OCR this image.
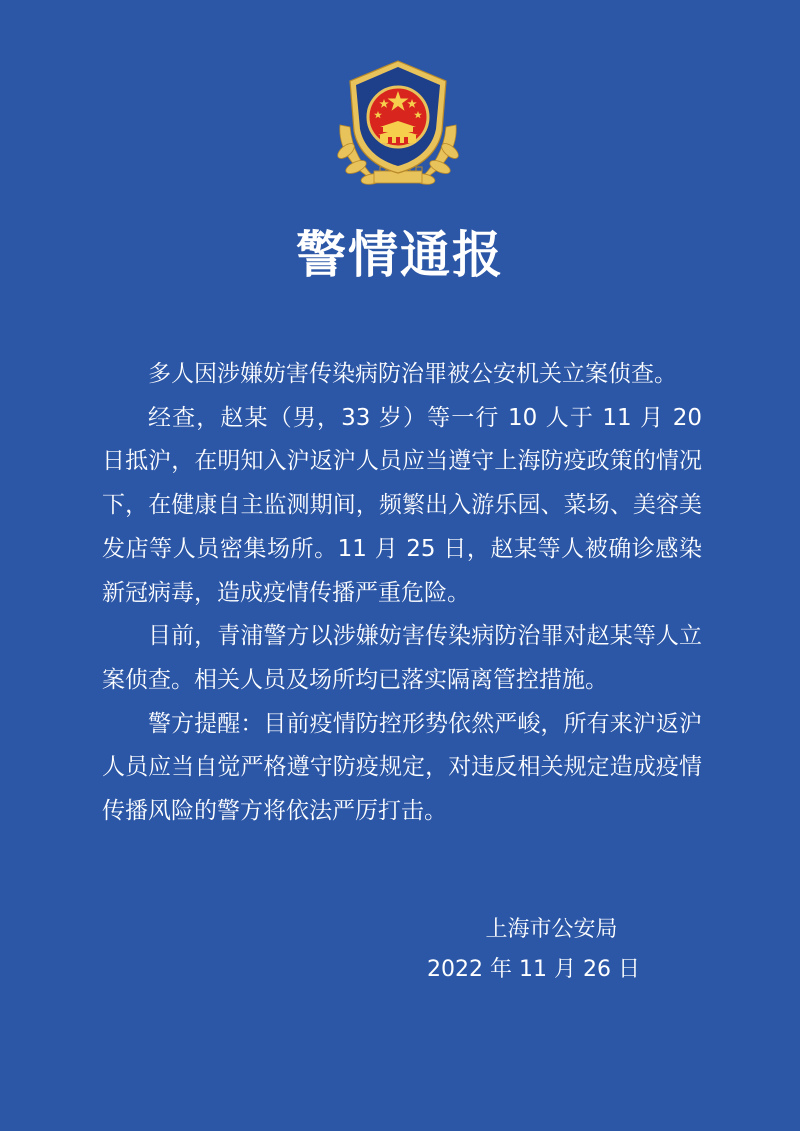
警情通报

多人因涉嫌妨害传染病防治罪被公安机关立案侦查。

经查，赵某（男，33 岁）等一行 10 人于 11 月 20 日抵沪，在明知入沪返沪人员应当遵守上海防疫政策的情况下，在健康自主监测期间，频繁出入游乐园、菜场、美容美发店等人员密集场所。11 月 25 日，赵某等人被确诊感染新冠病毒，造成疫情传播严重危险。

目前，青浦警方以涉嫌妨害传染病防治罪对赵某等人立案侦查。相关人员及场所均已落实隔离管控措施。

警方提醒：目前疫情防控形势依然严峻，所有来沪返沪人员应当自觉严格遵守防疫规定，对违反相关规定造成疫情传播风险的警方将依法严厉打击。

上海市公安局
2022 年 11 月 26 日
